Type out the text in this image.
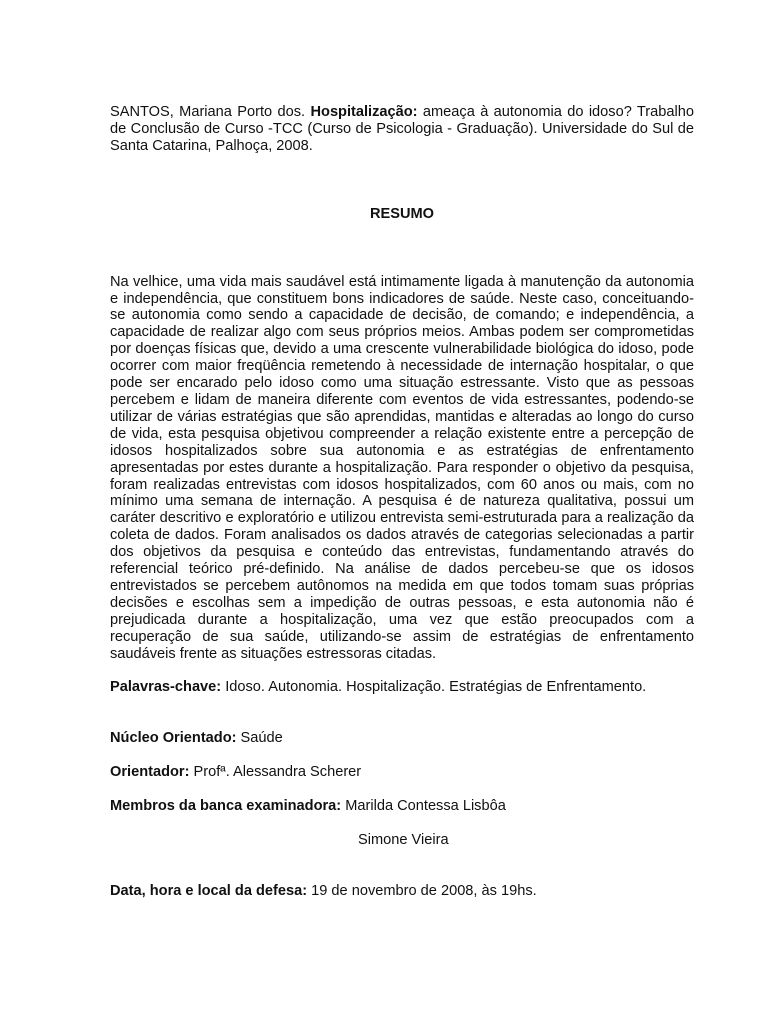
SANTOS, Mariana Porto dos. Hospitalização: ameaça à autonomia do idoso? Trabalho de Conclusão de Curso -TCC (Curso de Psicologia - Graduação). Universidade do Sul de Santa Catarina, Palhoça, 2008.

RESUMO

Na velhice, uma vida mais saudável está intimamente ligada à manutenção da autonomia e independência, que constituem bons indicadores de saúde. Neste caso, conceituando-se autonomia como sendo a capacidade de decisão, de comando; e independência, a capacidade de realizar algo com seus próprios meios. Ambas podem ser comprometidas por doenças físicas que, devido a uma crescente vulnerabilidade biológica do idoso, pode ocorrer com maior freqüência remetendo à necessidade de internação hospitalar, o que pode ser encarado pelo idoso como uma situação estressante. Visto que as pessoas percebem e lidam de maneira diferente com eventos de vida estressantes, podendo-se utilizar de várias estratégias que são aprendidas, mantidas e alteradas ao longo do curso de vida, esta pesquisa objetivou compreender a relação existente entre a percepção de idosos hospitalizados sobre sua autonomia e as estratégias de enfrentamento apresentadas por estes durante a hospitalização. Para responder o objetivo da pesquisa, foram realizadas entrevistas com idosos hospitalizados, com 60 anos ou mais, com no mínimo uma semana de internação. A pesquisa é de natureza qualitativa, possui um caráter descritivo e exploratório e utilizou entrevista semi-estruturada para a realização da coleta de dados. Foram analisados os dados através de categorias selecionadas a partir dos objetivos da pesquisa e conteúdo das entrevistas, fundamentando através do referencial teórico pré-definido. Na análise de dados percebeu-se que os idosos entrevistados se percebem autônomos na medida em que todos tomam suas próprias decisões e escolhas sem a impedição de outras pessoas, e esta autonomia não é prejudicada durante a hospitalização, uma vez que estão preocupados com a recuperação de sua saúde, utilizando-se assim de estratégias de enfrentamento saudáveis frente as situações estressoras citadas.

Palavras-chave: Idoso. Autonomia. Hospitalização. Estratégias de Enfrentamento.

Núcleo Orientado: Saúde

Orientador: Profª. Alessandra Scherer

Membros da banca examinadora: Marilda Contessa Lisbôa

Simone Vieira

Data, hora e local da defesa: 19 de novembro de 2008, às 19hs.
